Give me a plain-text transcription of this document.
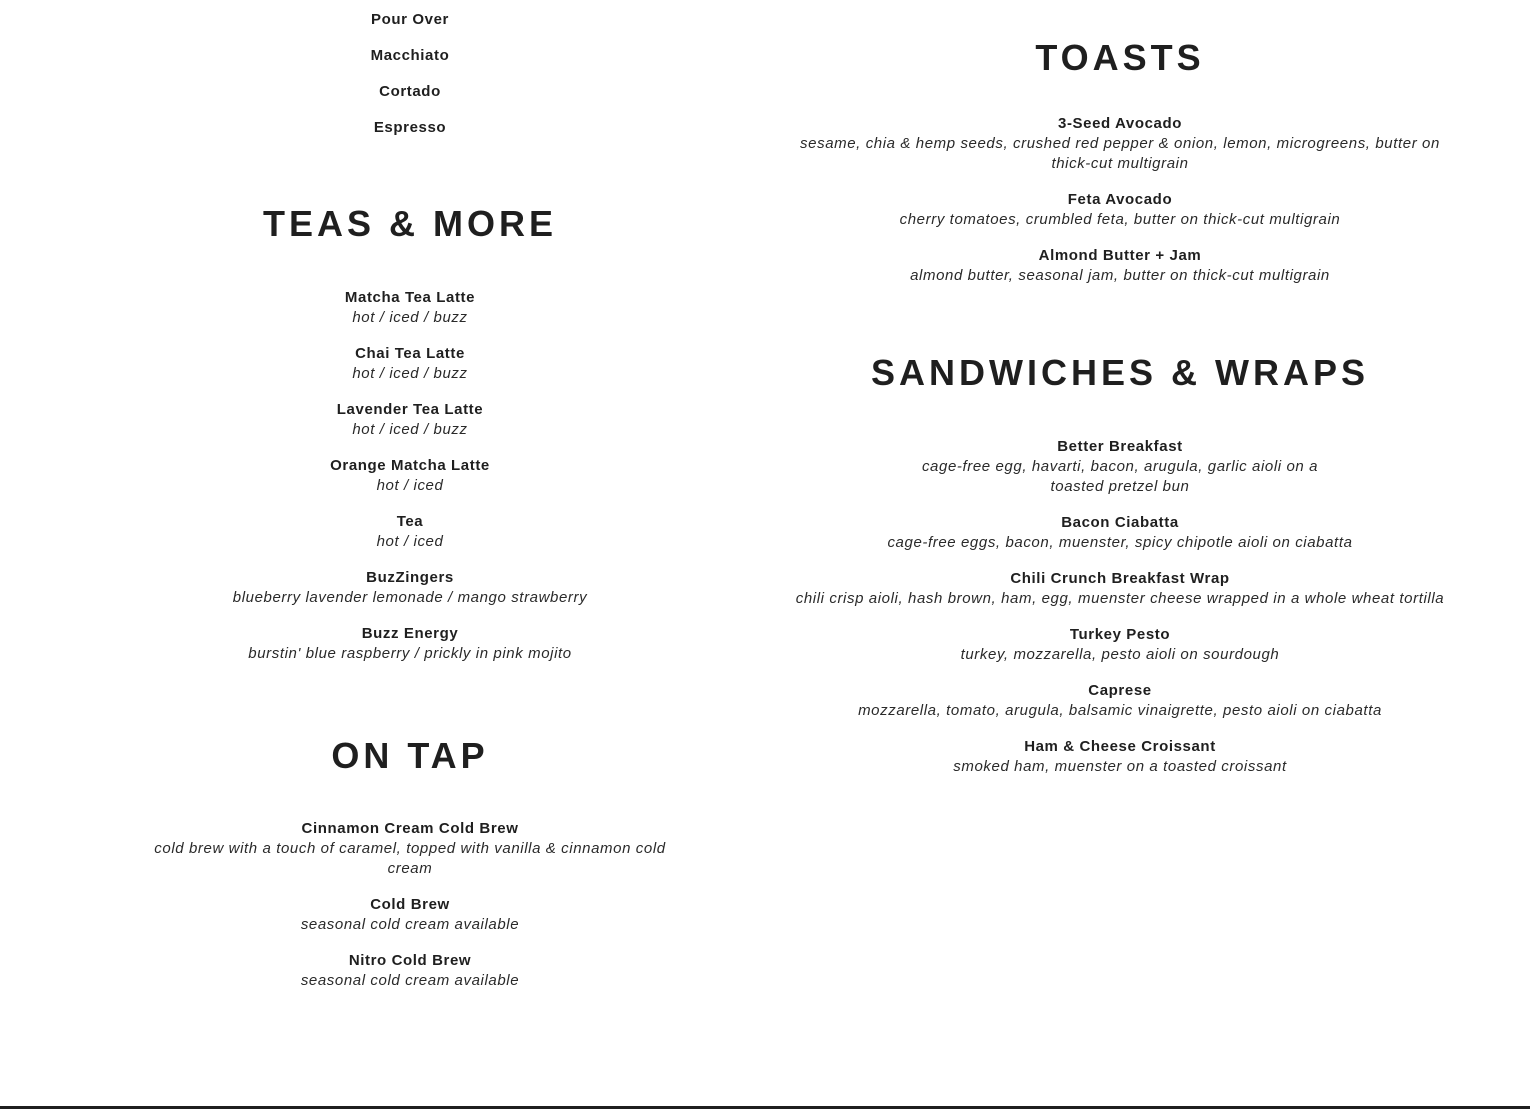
Pour Over
Macchiato
Cortado
Espresso
TEAS & MORE
Matcha Tea Latte
hot / iced / buzz
Chai Tea Latte
hot / iced / buzz
Lavender Tea Latte
hot / iced / buzz
Orange Matcha Latte
hot / iced
Tea
hot / iced
BuzZingers
blueberry lavender lemonade / mango strawberry
Buzz Energy
burstin' blue raspberry / prickly in pink mojito
ON TAP
Cinnamon Cream Cold Brew
cold brew with a touch of caramel, topped with vanilla & cinnamon cold cream
Cold Brew
seasonal cold cream available
Nitro Cold Brew
seasonal cold cream available
TOASTS
3-Seed Avocado
sesame, chia & hemp seeds, crushed red pepper & onion, lemon, microgreens, butter on thick-cut multigrain
Feta Avocado
cherry tomatoes, crumbled feta, butter on thick-cut multigrain
Almond Butter + Jam
almond butter, seasonal jam, butter on thick-cut multigrain
SANDWICHES & WRAPS
Better Breakfast
cage-free egg, havarti, bacon, arugula, garlic aioli on a toasted pretzel bun
Bacon Ciabatta
cage-free eggs, bacon, muenster, spicy chipotle aioli on ciabatta
Chili Crunch Breakfast Wrap
chili crisp aioli, hash brown, ham, egg, muenster cheese wrapped in a whole wheat tortilla
Turkey Pesto
turkey, mozzarella, pesto aioli on sourdough
Caprese
mozzarella, tomato, arugula, balsamic vinaigrette, pesto aioli on ciabatta
Ham & Cheese Croissant
smoked ham, muenster on a toasted croissant
